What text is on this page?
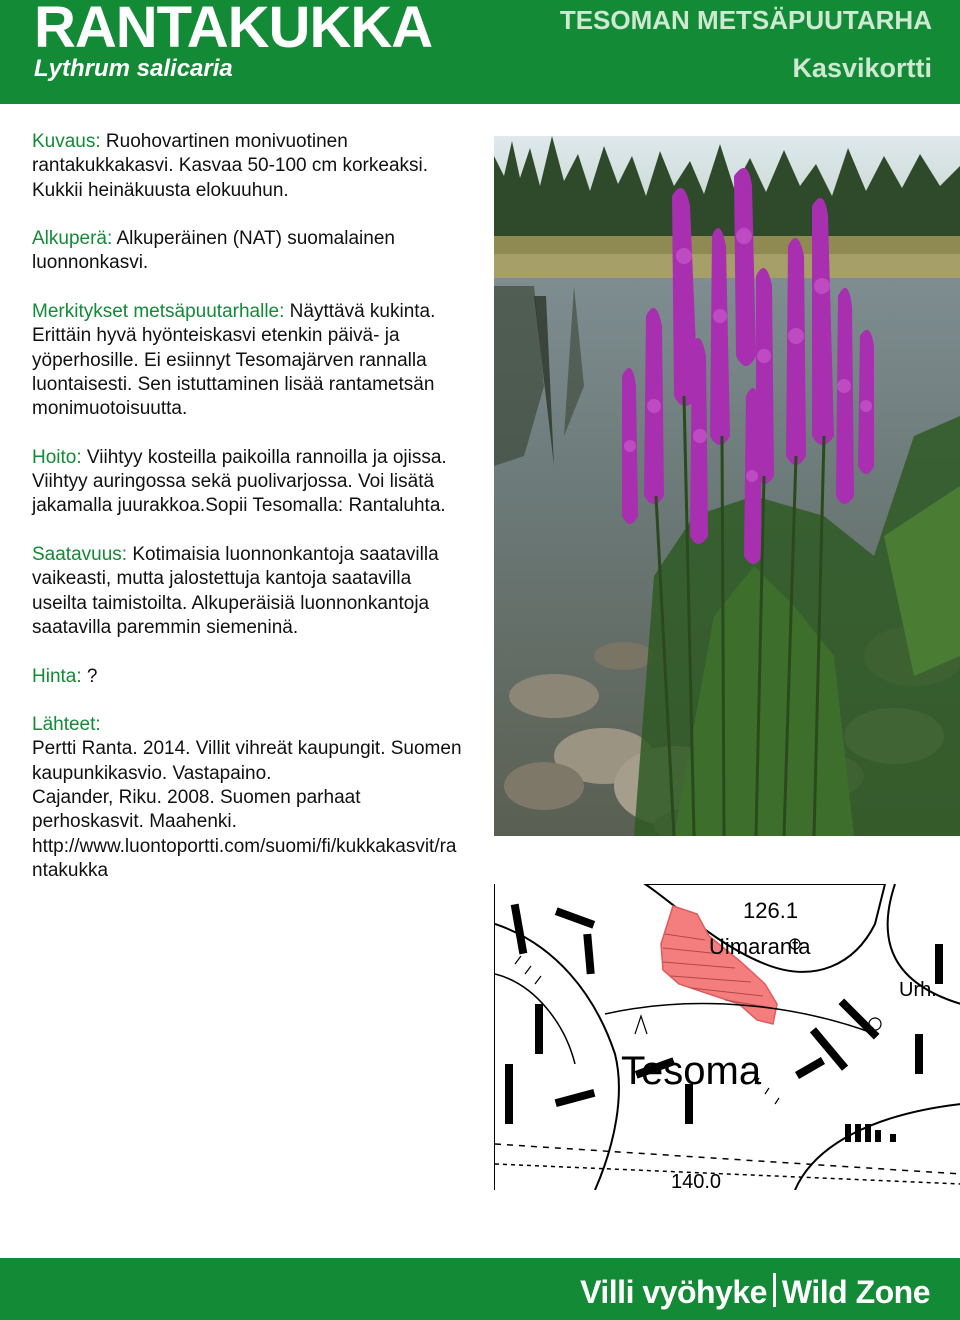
RANTAKUKKA
Lythrum salicaria
TESOMAN METSÄPUUTARHA
Kasvikortti

Kuvaus: Ruohovartinen monivuotinen rantakukkakasvi. Kasvaa 50-100 cm korkeaksi. Kukkii heinäkuusta elokuuhun.

Alkuperä: Alkuperäinen (NAT) suomalainen luonnonkasvi.

Merkitykset metsäpuutarhalle: Näyttävä kukinta. Erittäin hyvä hyönteiskasvi etenkin päivä- ja yöperhosille. Ei esiinnyt Tesomajärven rannalla luontaisesti. Sen istuttaminen lisää rantametsän monimuotoisuutta.

Hoito: Viihtyy kosteilla paikoilla rannoilla ja ojissa. Viihtyy auringossa sekä puolivarjossa. Voi lisätä jakamalla juurakkoa.Sopii Tesomalla: Rantaluhta.

Saatavuus: Kotimaisia luonnonkantoja saatavilla vaikeasti, mutta jalostettuja kantoja saatavilla useilta taimistoilta. Alkuperäisiä luonnonkantoja saatavilla paremmin siemeninä.

Hinta: ?

Lähteet:
Pertti Ranta. 2014. Villit vihreät kaupungit. Suomen kaupunkikasvio. Vastapaino.
Cajander, Riku. 2008. Suomen parhaat perhoskasvit. Maahenki.
http://www.luontoportti.com/suomi/fi/kukkakasvit/rantakukka
126.1
Uimaranta
Urh.
Tesoma
140.0
Villi vyöhyke Wild Zone
